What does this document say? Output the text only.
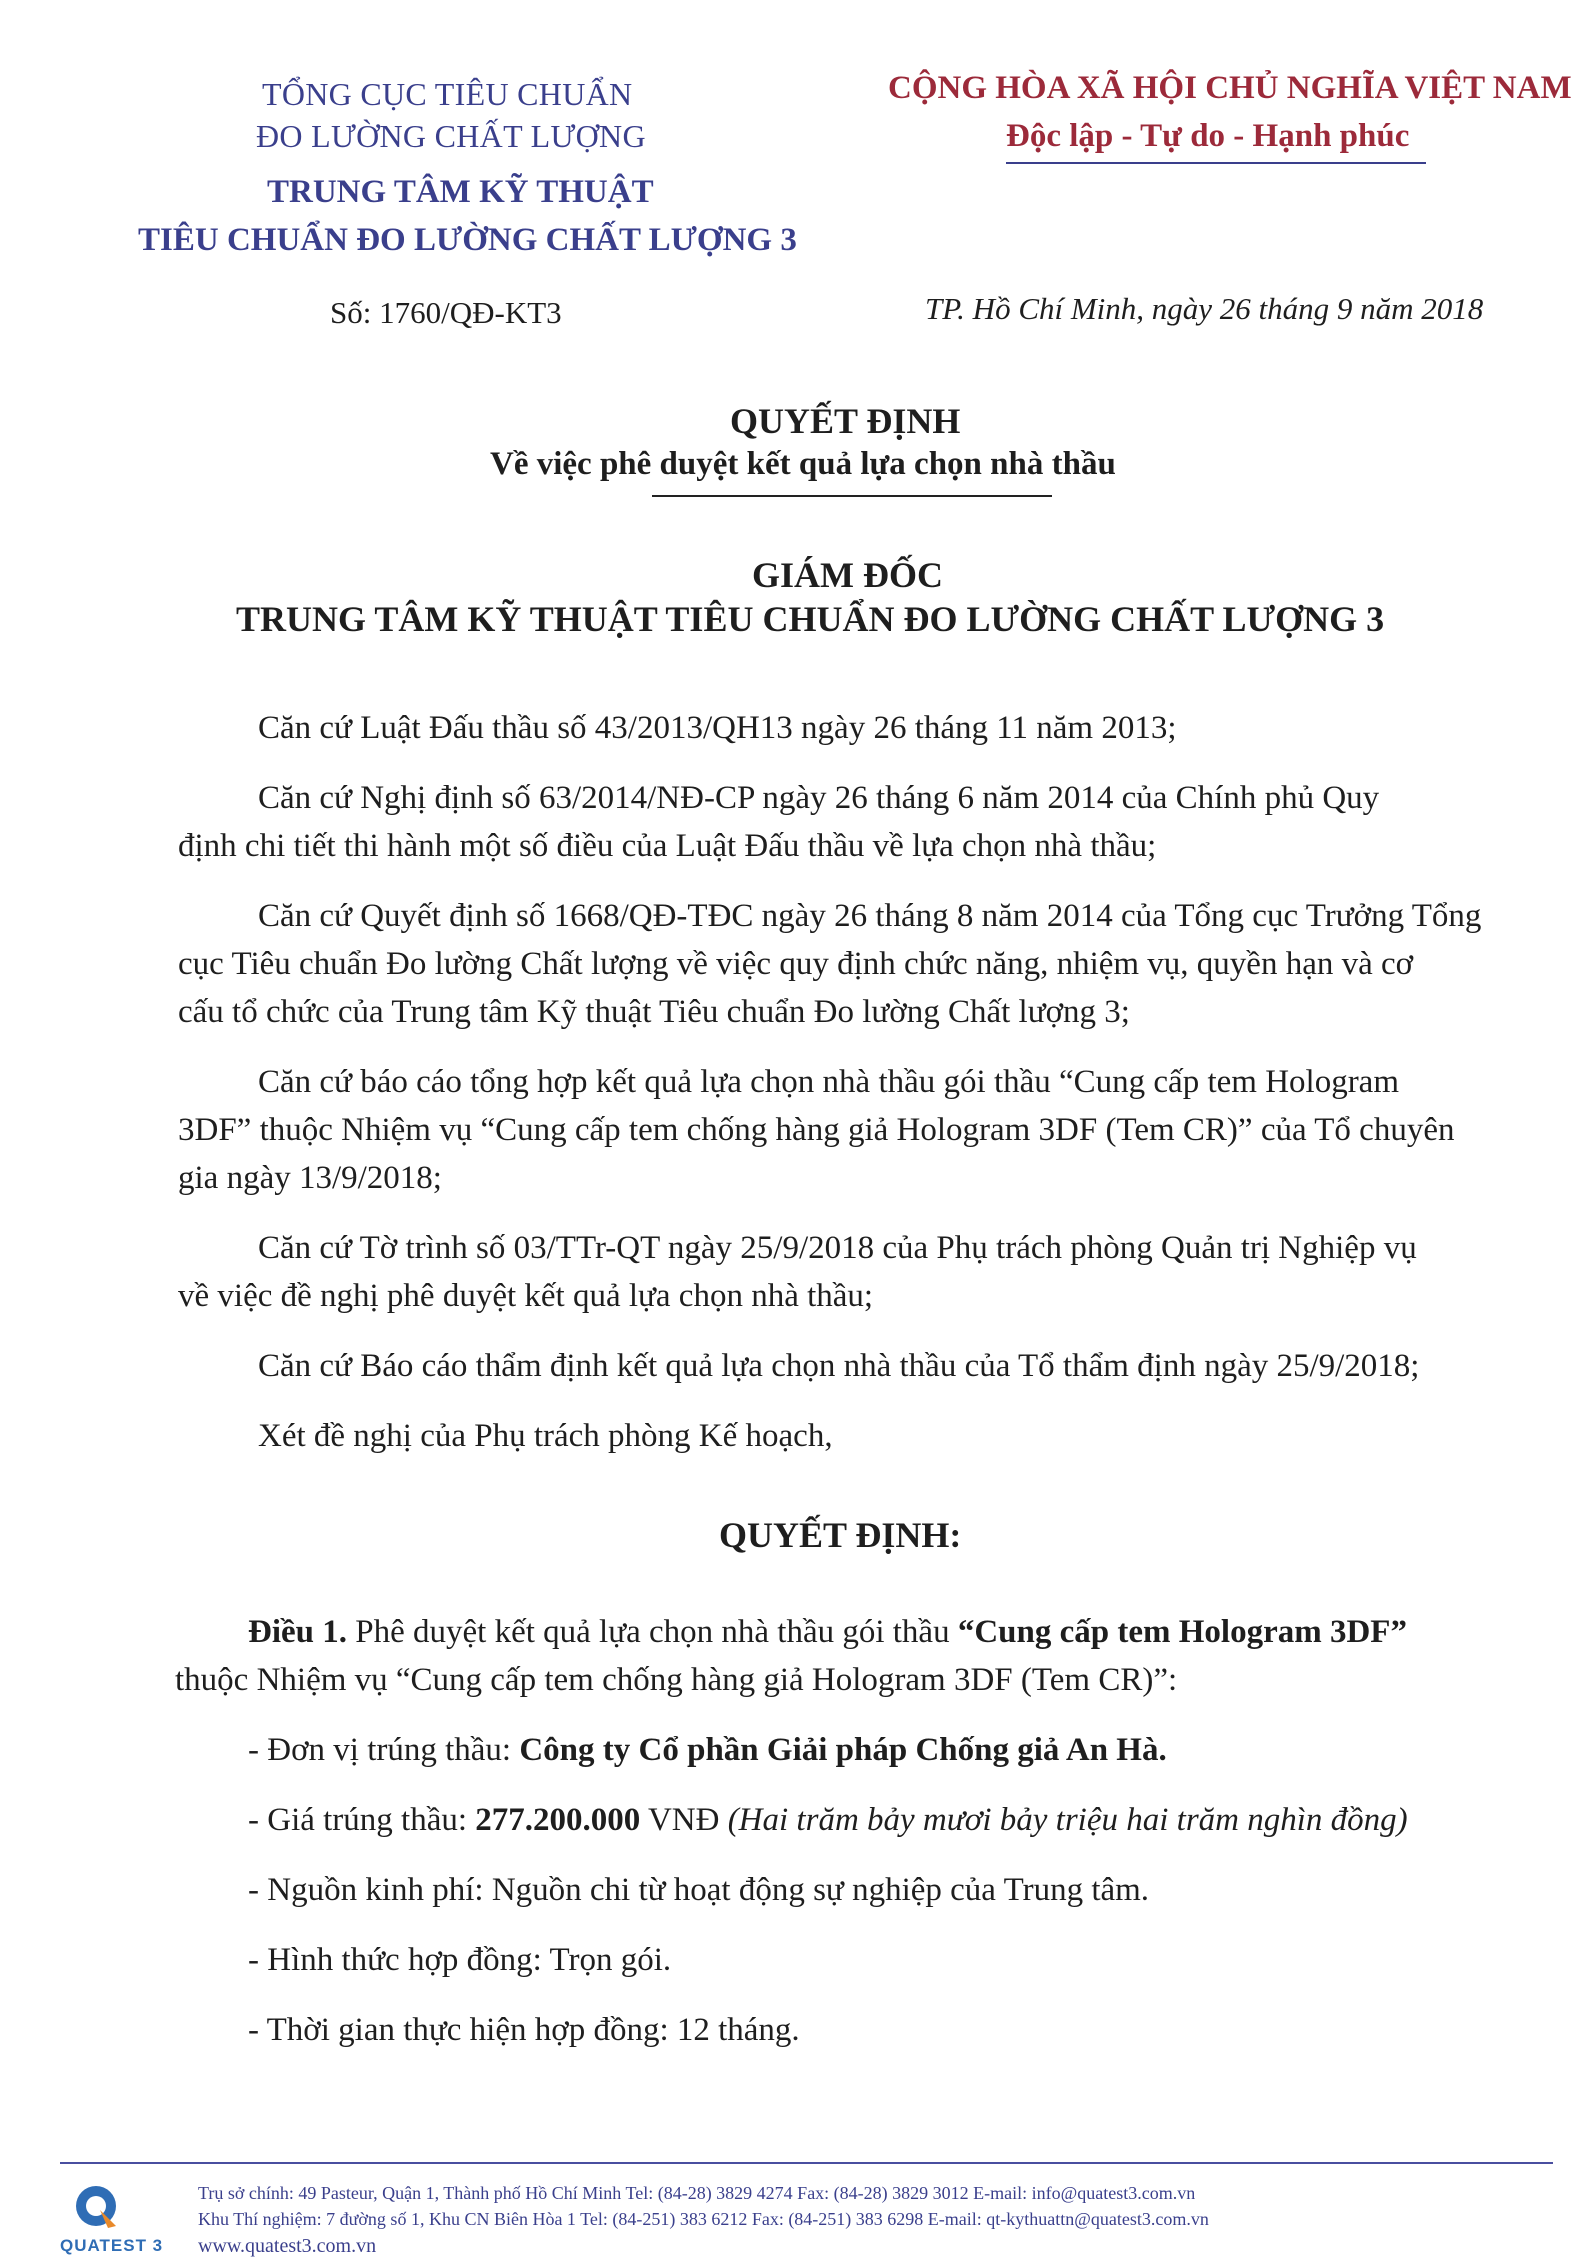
TỔNG CỤC TIÊU CHUẨN
ĐO LƯỜNG CHẤT LƯỢNG
TRUNG TÂM KỸ THUẬT
TIÊU CHUẨN ĐO LƯỜNG CHẤT LƯỢNG 3
Số: 1760/QĐ-KT3
CỘNG HÒA XÃ HỘI CHỦ NGHĨA VIỆT NAM
Độc lập - Tự do - Hạnh phúc
TP. Hồ Chí Minh, ngày 26 tháng 9 năm 2018
QUYẾT ĐỊNH
Về việc phê duyệt kết quả lựa chọn nhà thầu
GIÁM ĐỐC
TRUNG TÂM KỸ THUẬT TIÊU CHUẨN ĐO LƯỜNG CHẤT LƯỢNG 3
Căn cứ Luật Đấu thầu số 43/2013/QH13 ngày 26 tháng 11 năm 2013;
Căn cứ Nghị định số 63/2014/NĐ-CP ngày 26 tháng 6 năm 2014 của Chính phủ Quy
định chi tiết thi hành một số điều của Luật Đấu thầu về lựa chọn nhà thầu;
Căn cứ Quyết định số 1668/QĐ-TĐC ngày 26 tháng 8 năm 2014 của Tổng cục Trưởng Tổng
cục Tiêu chuẩn Đo lường Chất lượng về việc quy định chức năng, nhiệm vụ, quyền hạn và cơ
cấu tổ chức của Trung tâm Kỹ thuật Tiêu chuẩn Đo lường Chất lượng 3;
Căn cứ báo cáo tổng hợp kết quả lựa chọn nhà thầu gói thầu “Cung cấp tem Hologram
3DF” thuộc Nhiệm vụ “Cung cấp tem chống hàng giả Hologram 3DF (Tem CR)” của Tổ chuyên
gia ngày 13/9/2018;
Căn cứ Tờ trình số 03/TTr-QT ngày 25/9/2018 của Phụ trách phòng Quản trị Nghiệp vụ
về việc đề nghị phê duyệt kết quả lựa chọn nhà thầu;
Căn cứ Báo cáo thẩm định kết quả lựa chọn nhà thầu của Tổ thẩm định ngày 25/9/2018;
Xét đề nghị của Phụ trách phòng Kế hoạch,
QUYẾT ĐỊNH:
Điều 1. Phê duyệt kết quả lựa chọn nhà thầu gói thầu “Cung cấp tem Hologram 3DF”
thuộc Nhiệm vụ “Cung cấp tem chống hàng giả Hologram 3DF (Tem CR)”:
- Đơn vị trúng thầu: Công ty Cổ phần Giải pháp Chống giả An Hà.
- Giá trúng thầu: 277.200.000 VNĐ (Hai trăm bảy mươi bảy triệu hai trăm nghìn đồng)
- Nguồn kinh phí: Nguồn chi từ hoạt động sự nghiệp của Trung tâm.
- Hình thức hợp đồng: Trọn gói.
- Thời gian thực hiện hợp đồng: 12 tháng.
QUATEST 3
Trụ sở chính: 49 Pasteur, Quận 1, Thành phố Hồ Chí Minh Tel: (84-28) 3829 4274 Fax: (84-28) 3829 3012 E-mail: info@quatest3.com.vn
Khu Thí nghiệm: 7 đường số 1, Khu CN Biên Hòa 1 Tel: (84-251) 383 6212 Fax: (84-251) 383 6298 E-mail: qt-kythuattn@quatest3.com.vn
www.quatest3.com.vn
